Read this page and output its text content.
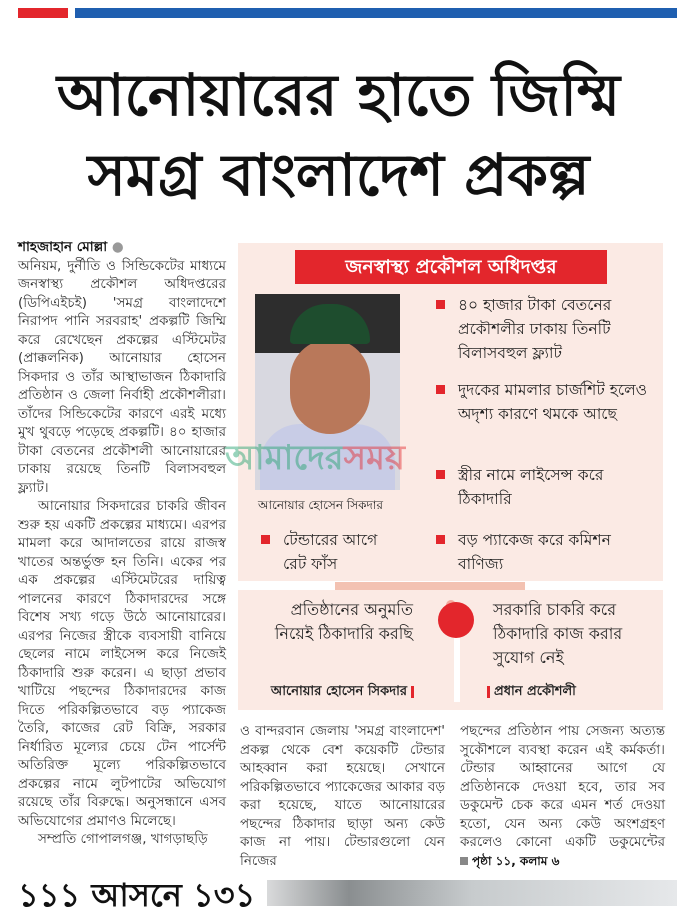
আনোয়ারের হাতে জিম্মি
সমগ্র বাংলাদেশ প্রকল্প

শাহজাহান মোল্লা ●

অনিয়ম, দুর্নীতি ও সিন্ডিকেটের মাধ্যমে জনস্বাস্থ্য প্রকৌশল অধিদপ্তরের (ডিপিএইচই) 'সমগ্র বাংলাদেশে নিরাপদ পানি সরবরাহ' প্রকল্পটি জিম্মি করে রেখেছেন প্রকল্পের এস্টিমেটর (প্রাক্কলনিক) আনোয়ার হোসেন সিকদার ও তাঁর আস্থাভাজন ঠিকাদারি প্রতিষ্ঠান ও জেলা নির্বাহী প্রকৌশলীরা। তাঁদের সিন্ডিকেটের কারণে এরই মধ্যে মুখ থুবড়ে পড়েছে প্রকল্পটি। ৪০ হাজার টাকা বেতনের প্রকৌশলী আনোয়ারের ঢাকায় রয়েছে তিনটি বিলাসবহুল ফ্ল্যাট।

আনোয়ার সিকদারের চাকরি জীবন শুরু হয় একটি প্রকল্পের মাধ্যমে। এরপর মামলা করে আদালতের রায়ে রাজস্ব খাতের অন্তর্ভুক্ত হন তিনি। একের পর এক প্রকল্পের এস্টিমেটরের দায়িত্ব পালনের কারণে ঠিকাদারদের সঙ্গে বিশেষ সখ্য গড়ে উঠে আনোয়ারের। এরপর নিজের স্ত্রীকে ব্যবসায়ী বানিয়ে ছেলের নামে লাইসেন্স করে নিজেই ঠিকাদারি শুরু করেন। এ ছাড়া প্রভাব খাটিয়ে পছন্দের ঠিকাদারদের কাজ দিতে পরিকল্পিতভাবে বড় প্যাকেজ তৈরি, কাজের রেট বিক্রি, সরকার নির্ধারিত মূল্যের চেয়ে টেন পার্সেন্ট অতিরিক্ত মূল্যে পরিকল্পিতভাবে প্রকল্পের নামে লুটপাটের অভিযোগ রয়েছে তাঁর বিরুদ্ধে। অনুসন্ধানে এসব অভিযোগের প্রমাণও মিলেছে।

সম্প্রতি গোপালগঞ্জ, খাগড়াছড়ি

জনস্বাস্থ্য প্রকৌশল অধিদপ্তর
আনোয়ার হোসেন সিকদার
৪০ হাজার টাকা বেতনের প্রকৌশলীর ঢাকায় তিনটি বিলাসবহুল ফ্ল্যাট
দুদকের মামলার চার্জশিট হলেও অদৃশ্য কারণে থমকে আছে
স্ত্রীর নামে লাইসেন্স করে ঠিকাদারি
বড় প্যাকেজ করে কমিশন বাণিজ্য
টেন্ডারের আগে রেট ফাঁস
আমাদেরসময়
প্রতিষ্ঠানের অনুমতি নিয়েই ঠিকাদারি করছি
আনোয়ার হোসেন সিকদার
সরকারি চাকরি করে ঠিকাদারি কাজ করার সুযোগ নেই
প্রধান প্রকৌশলী
ও বান্দরবান জেলায় 'সমগ্র বাংলাদেশ' প্রকল্প থেকে বেশ কয়েকটি টেন্ডার আহব্বান করা হয়েছে। সেখানে পরিকল্পিতভাবে প্যাকেজের আকার বড় করা হয়েছে, যাতে আনোয়ারের পছন্দের ঠিকাদার ছাড়া অন্য কেউ কাজ না পায়। টেন্ডারগুলো যেন নিজের
পছন্দের প্রতিষ্ঠান পায় সেজন্য অত্যন্ত সুকৌশলে ব্যবস্থা করেন এই কর্মকর্তা। টেন্ডার আহ্বানের আগে যে প্রতিষ্ঠানকে দেওয়া হবে, তার সব ডকুমেন্ট চেক করে এমন শর্ত দেওয়া হতো, যেন অন্য কেউ অংশগ্রহণ করলেও কোনো একটি ডকুমেন্টের পৃষ্ঠা ১১, কলাম ৬
১১১ আসনে ১৩১
